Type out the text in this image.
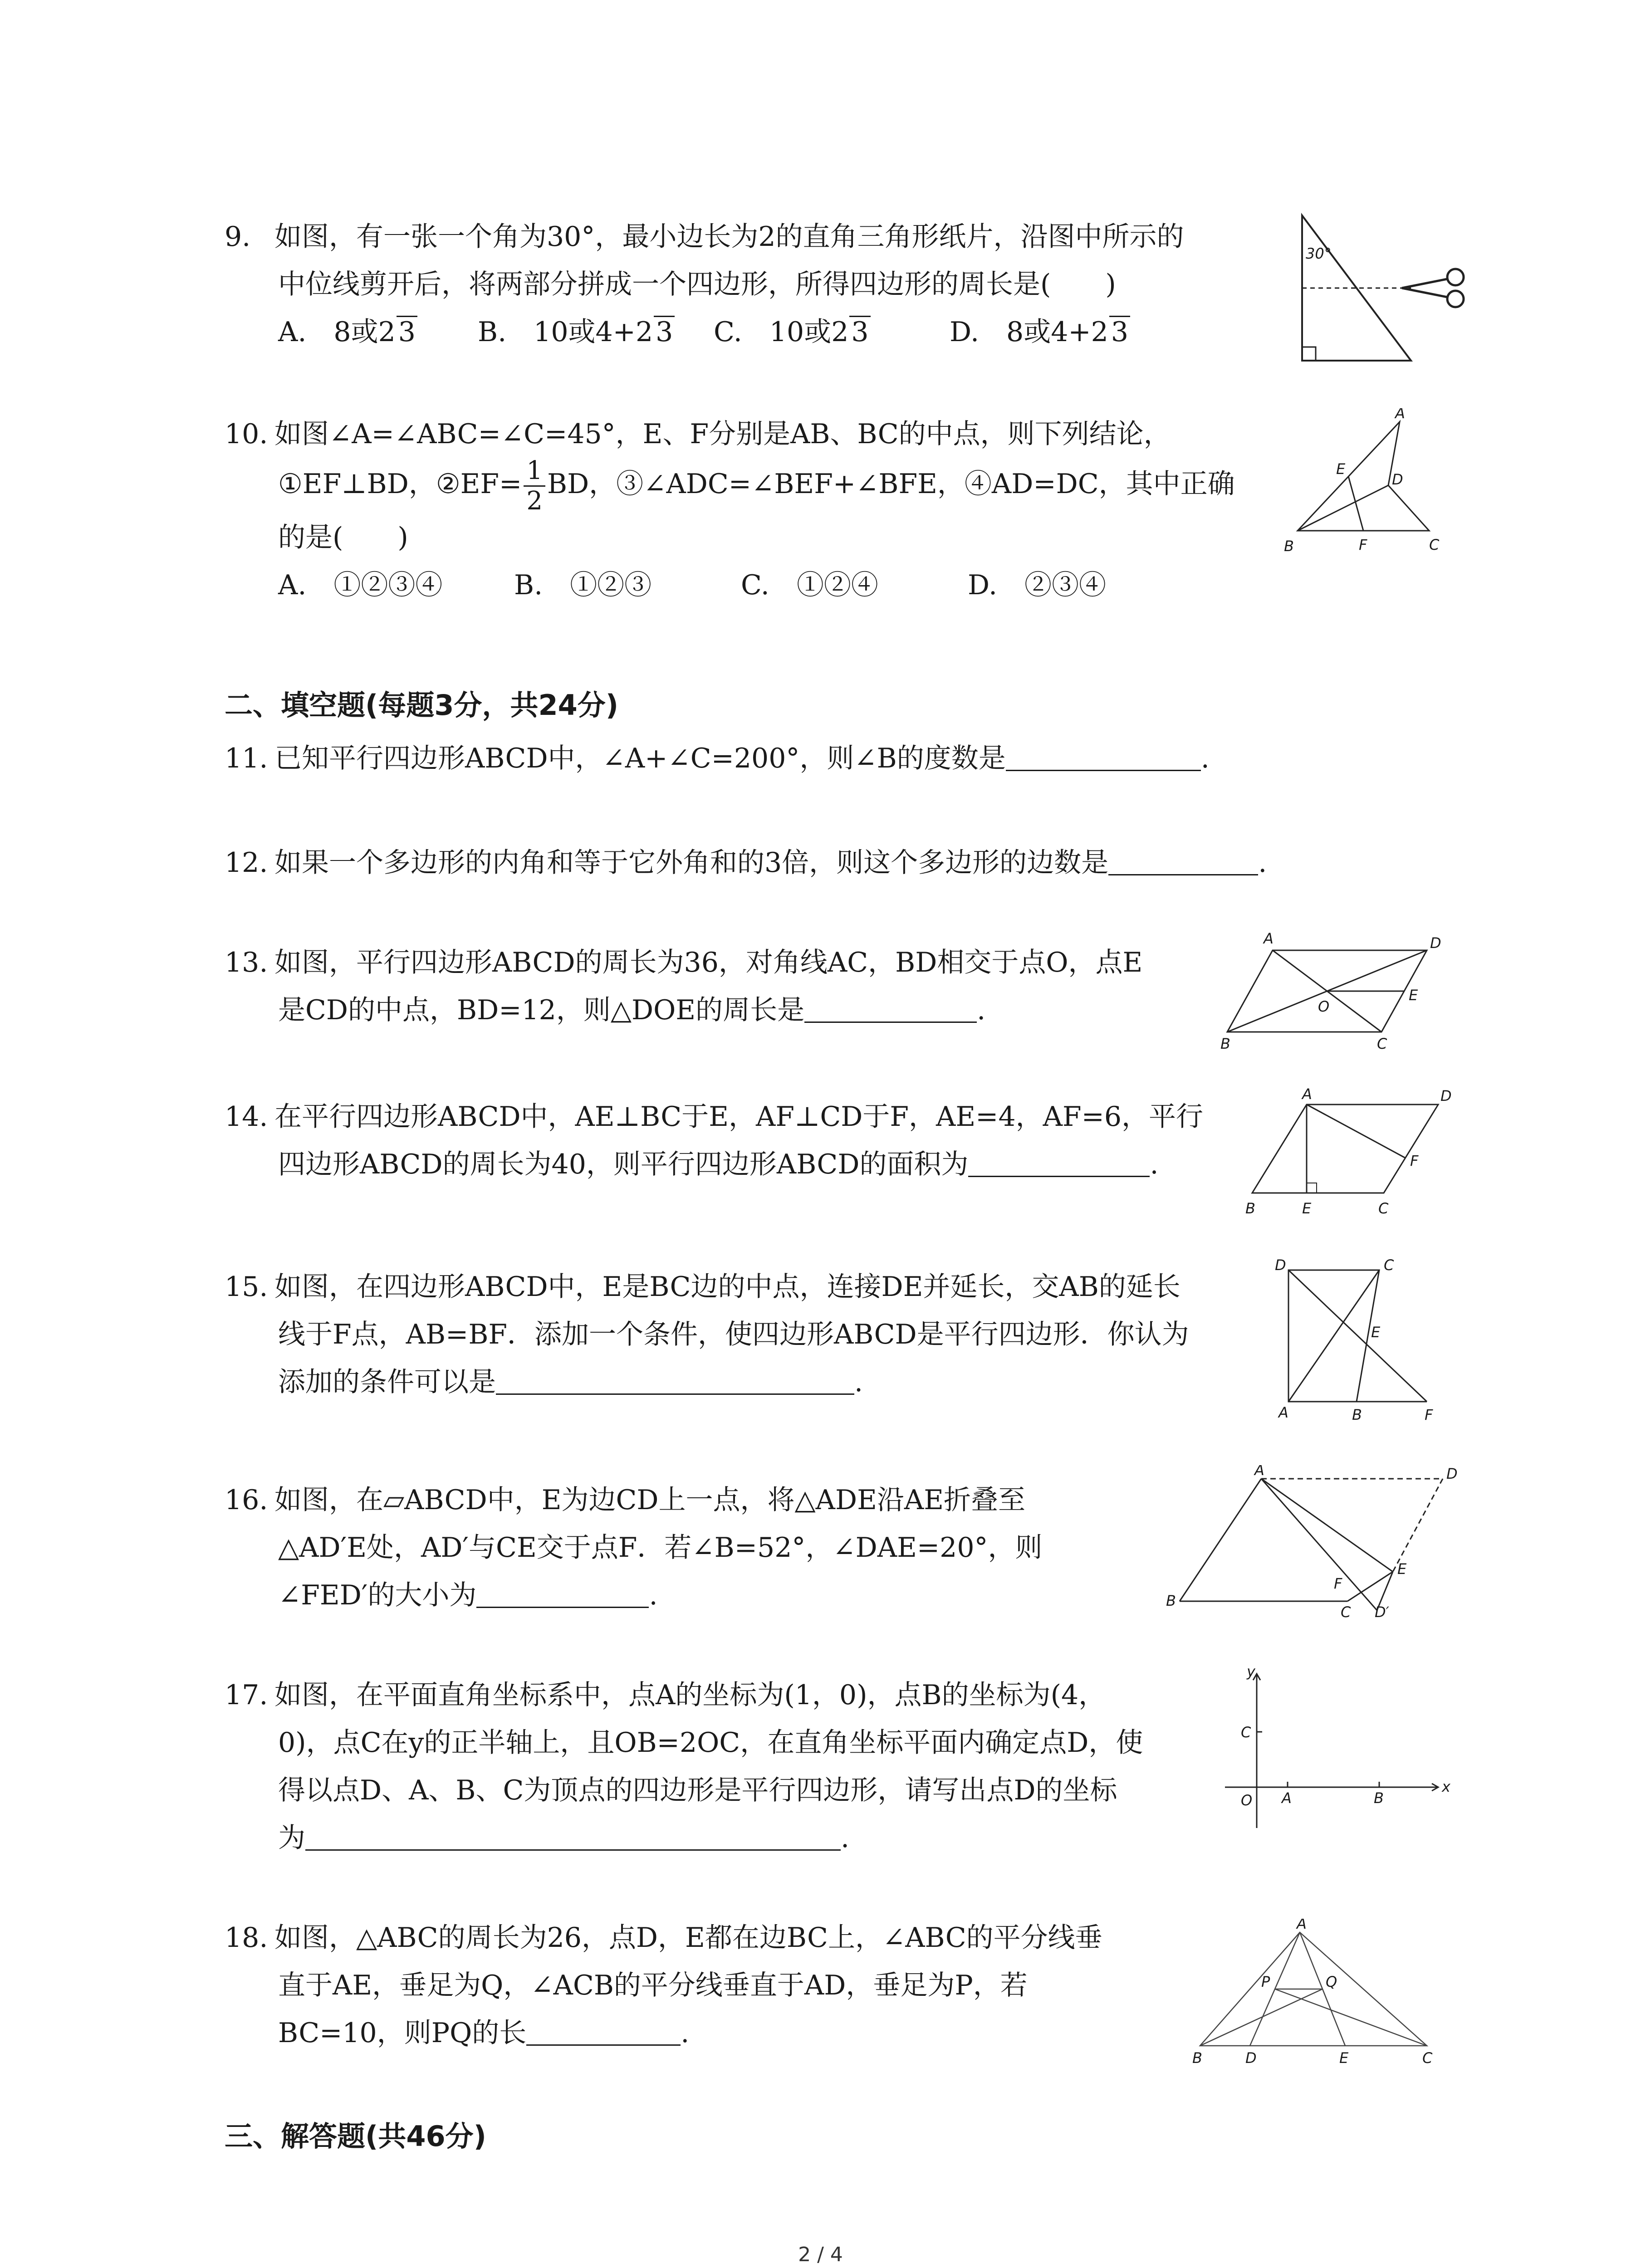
9. 如图，有一张一个角为30°，最小边长为2的直角三角形纸片，沿图中所示的
中位线剪开后，将两部分拼成一个四边形，所得四边形的周长是(　　)
A.　8或2 3 B.　10或4+2 3 C.　10或2 3	D.　8或4+2 3
30°
10. 如图∠A=∠ABC=∠C=45°，E、F分别是AB、BC的中点，则下列结论，
①EF⊥BD，②EF= $\frac{1}{2}$ BD，③∠ADC=∠BEF+∠BFE，④AD=DC，其中正确
的是(　　)
A.　①②③④	B.　①②③	C.　①②④	D.　②③④
A
E
D
B	F	C
二、填空题(每题3分，共24分)
11. 已知平行四边形ABCD中，∠A+∠C=200°，则∠B的度数是	.
12. 如果一个多边形的内角和等于它外角和的3倍，则这个多边形的边数是	.
13. 如图，平行四边形ABCD的周长为36，对角线AC，BD相交于点O，点E
是CD的中点，BD=12，则△DOE的周长是	.
A	D
O
E
B	C
14. 在平行四边形ABCD中，AE⊥BC于E，AF⊥CD于F，AE=4，AF=6，平行
四边形ABCD的周长为40，则平行四边形ABCD的面积为	.
A	D
F
B	E	C
15. 如图，在四边形ABCD中，E是BC边的中点，连接DE并延长，交AB的延长
线于F点，AB=BF．添加一个条件，使四边形ABCD是平行四边形．你认为
添加的条件可以是	.
D	C
E
A	B	F
16. 如图，在▱ABCD中，E为边CD上一点，将△ADE沿AE折叠至
△AD′E处，AD′与CE交于点F．若∠B=52°，∠DAE=20°，则
∠FED′的大小为	.
A	D
E
F
B
C D′
17. 如图，在平面直角坐标系中，点A的坐标为(1，0)，点B的坐标为(4，
0)，点C在y的正半轴上，且OB=2OC，在直角坐标平面内确定点D，使
得以点D、A、B、C为顶点的四边形是平行四边形，请写出点D的坐标
为	.
y
C
O A	B
x
18. 如图，△ABC的周长为26，点D，E都在边BC上，∠ABC的平分线垂
直于AE，垂足为Q，∠ACB的平分线垂直于AD，垂足为P，若
BC=10，则PQ的长	.
A
P	Q
B	D	E	C
三、解答题(共46分)
2 / 4
